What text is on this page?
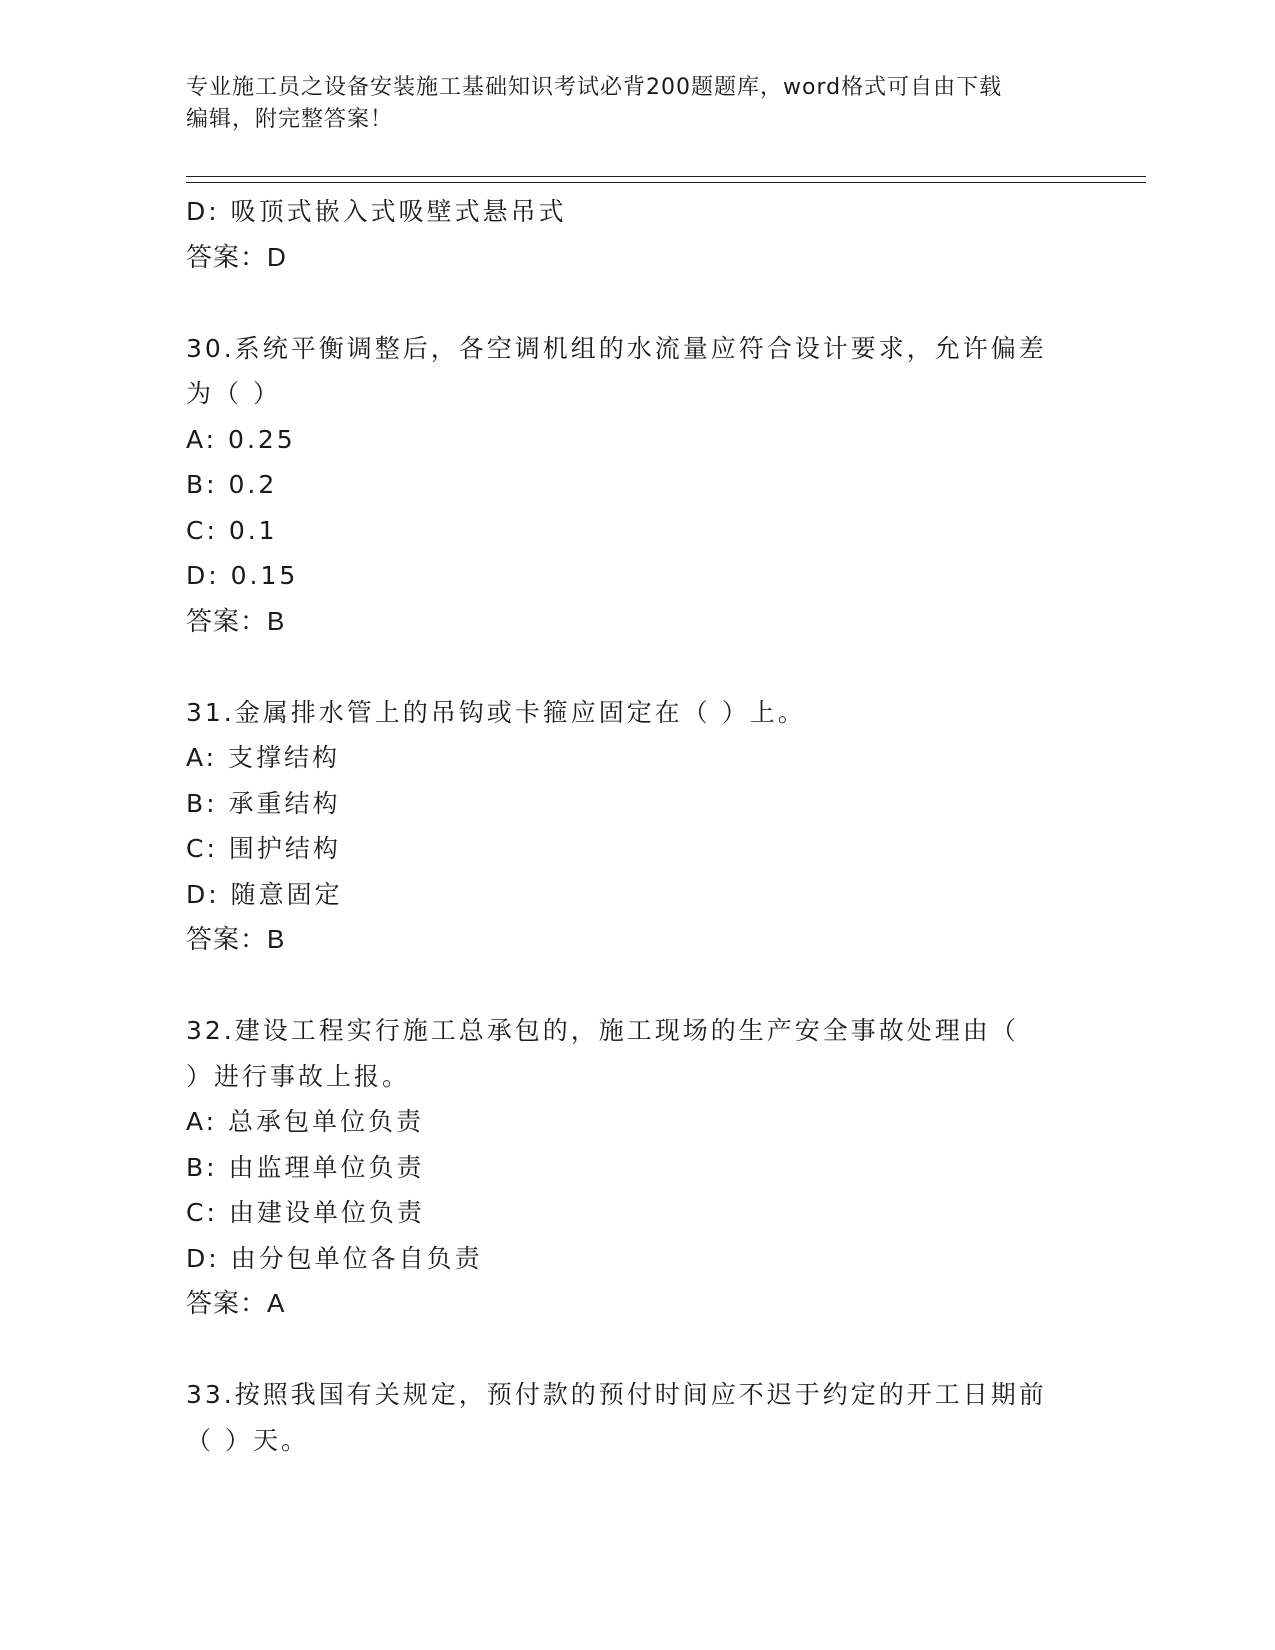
专业施工员之设备安装施工基础知识考试必背200题题库，word格式可自由下载
编辑，附完整答案！
D: 吸顶式嵌入式吸壁式悬吊式
答案：D
30.系统平衡调整后，各空调机组的水流量应符合设计要求，允许偏差
为（ ）
A: 0.25
B: 0.2
C: 0.1
D: 0.15
答案：B
31.金属排水管上的吊钩或卡箍应固定在（ ）上。
A: 支撑结构
B: 承重结构
C: 围护结构
D: 随意固定
答案：B
32.建设工程实行施工总承包的，施工现场的生产安全事故处理由（
）进行事故上报。
A: 总承包单位负责
B: 由监理单位负责
C: 由建设单位负责
D: 由分包单位各自负责
答案：A
33.按照我国有关规定，预付款的预付时间应不迟于约定的开工日期前
（ ）天。
